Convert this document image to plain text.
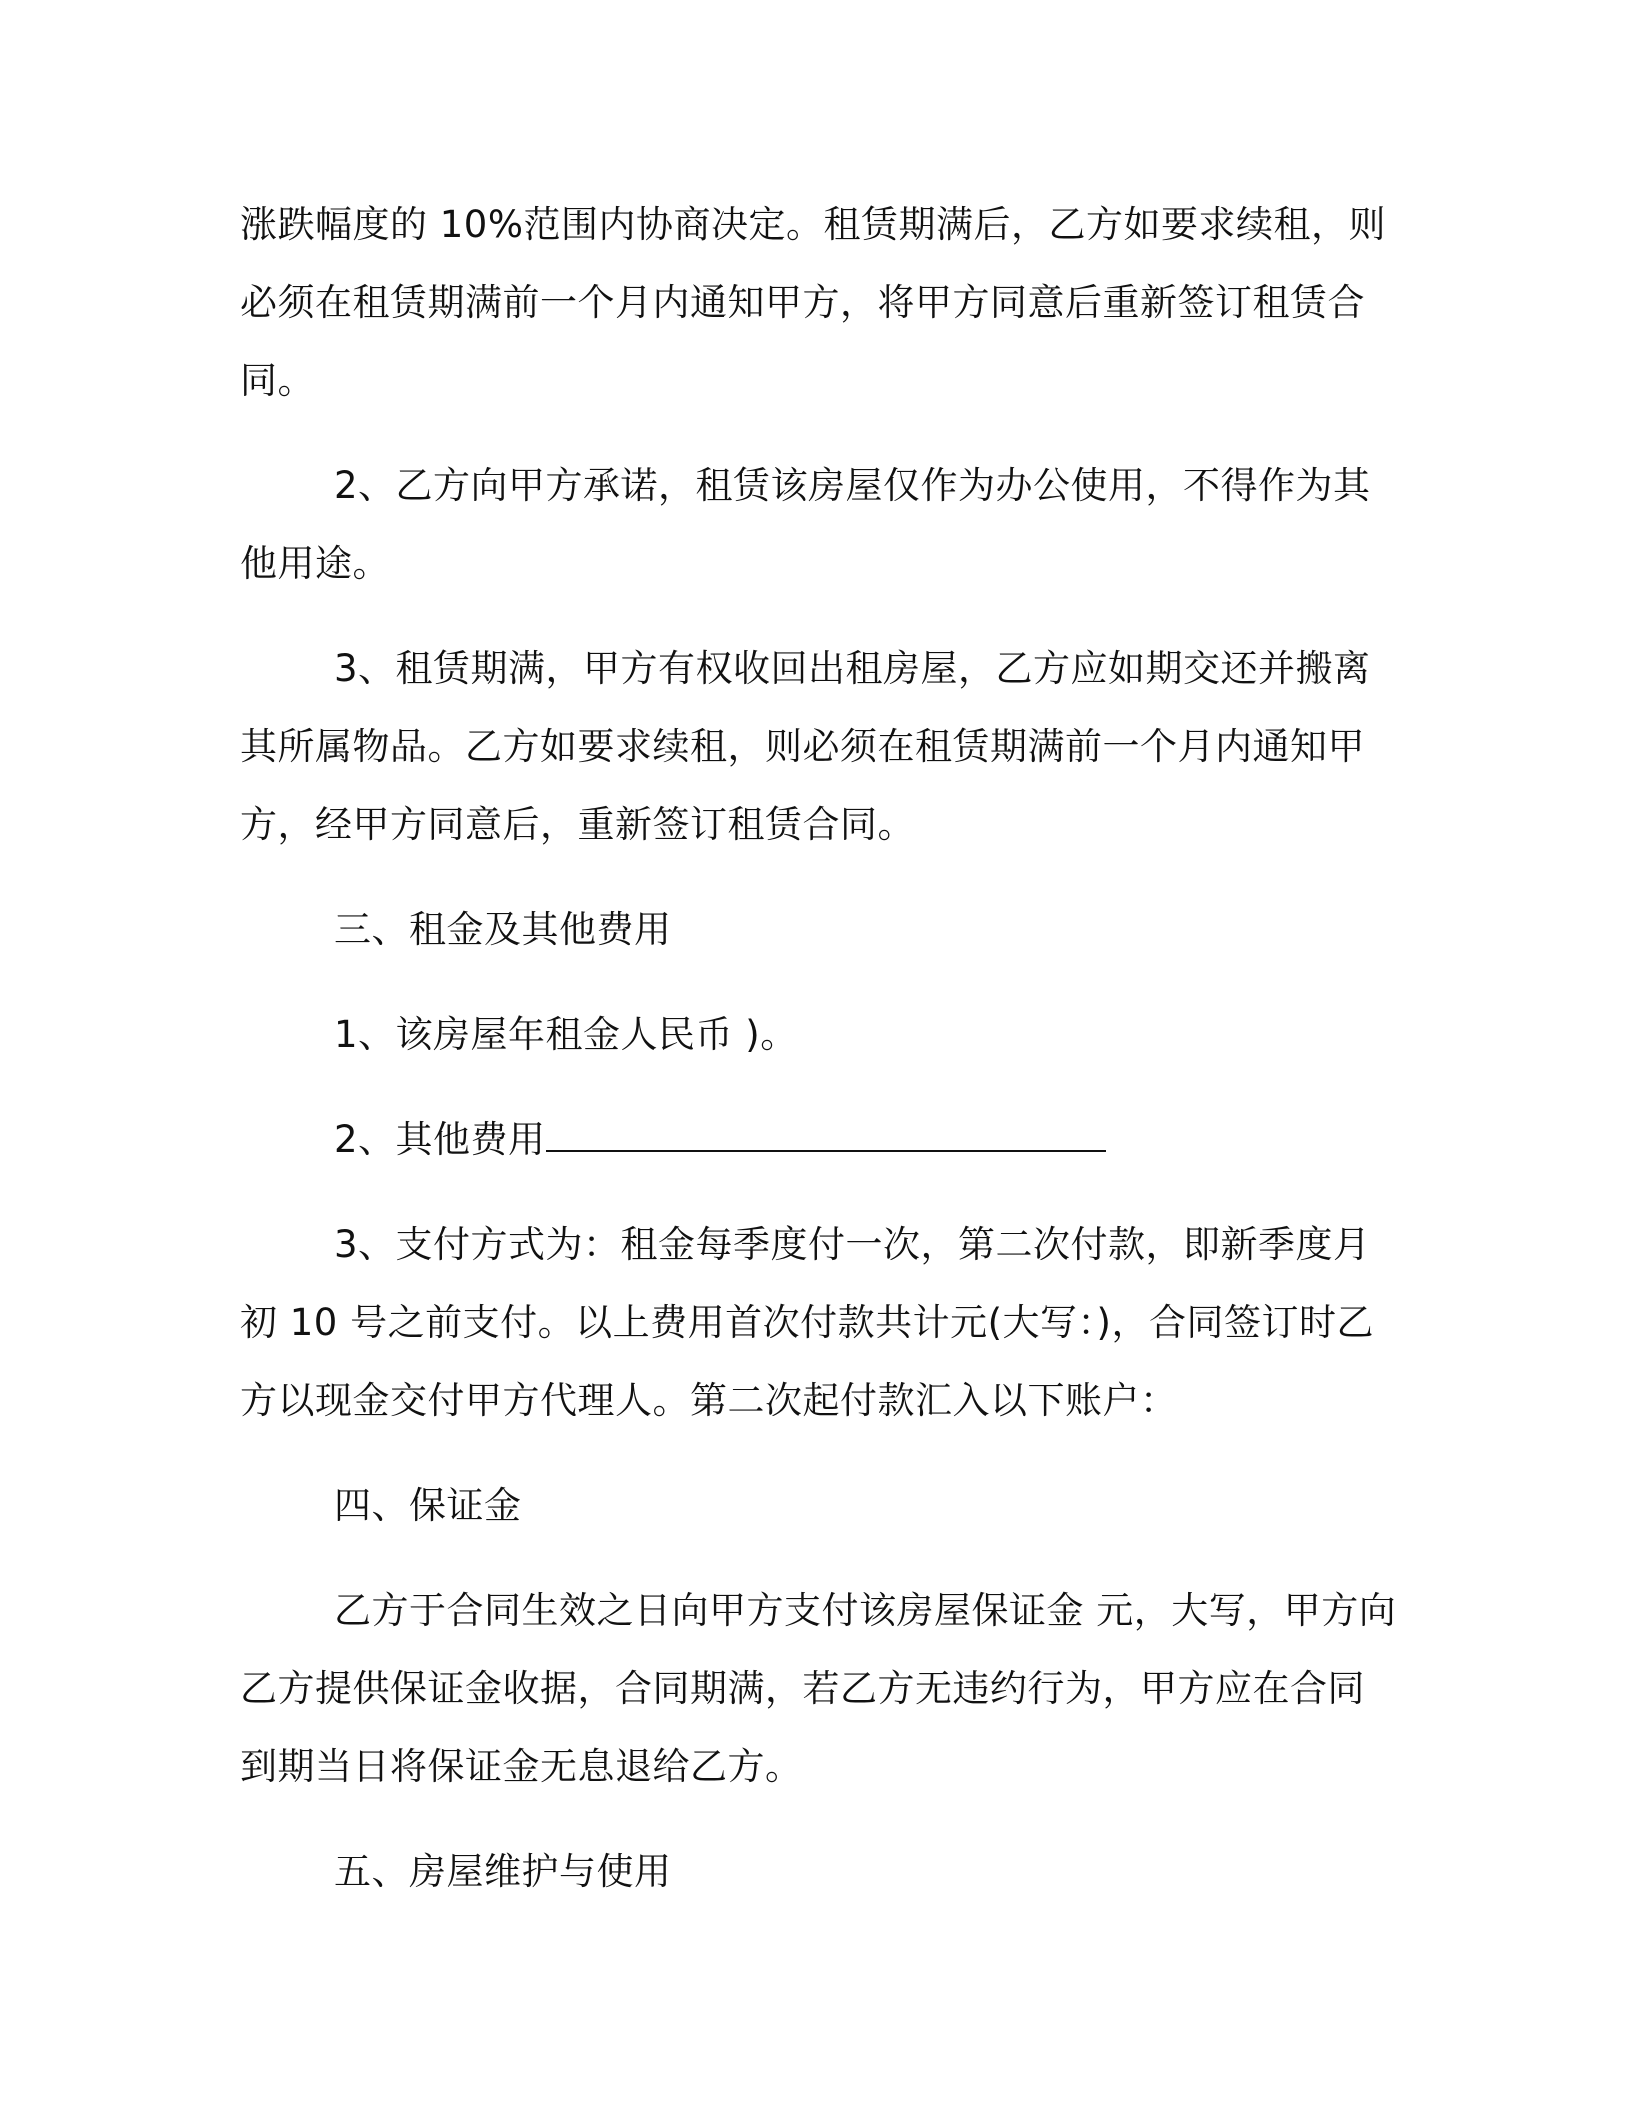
涨跌幅度的 10%范围内协商决定。租赁期满后，乙方如要求续租，则
必须在租赁期满前一个月内通知甲方，将甲方同意后重新签订租赁合
同。
2、乙方向甲方承诺，租赁该房屋仅作为办公使用，不得作为其
他用途。
3、租赁期满，甲方有权收回出租房屋，乙方应如期交还并搬离
其所属物品。乙方如要求续租，则必须在租赁期满前一个月内通知甲
方，经甲方同意后，重新签订租赁合同。
三、租金及其他费用
1、该房屋年租金人民币 )。
2、其他费用
3、支付方式为：租金每季度付一次，第二次付款，即新季度月
初 10 号之前支付。以上费用首次付款共计元(大写：)，合同签订时乙
方以现金交付甲方代理人。第二次起付款汇入以下账户：
四、保证金
乙方于合同生效之日向甲方支付该房屋保证金 元，大写，甲方向
乙方提供保证金收据，合同期满，若乙方无违约行为，甲方应在合同
到期当日将保证金无息退给乙方。
五、房屋维护与使用
